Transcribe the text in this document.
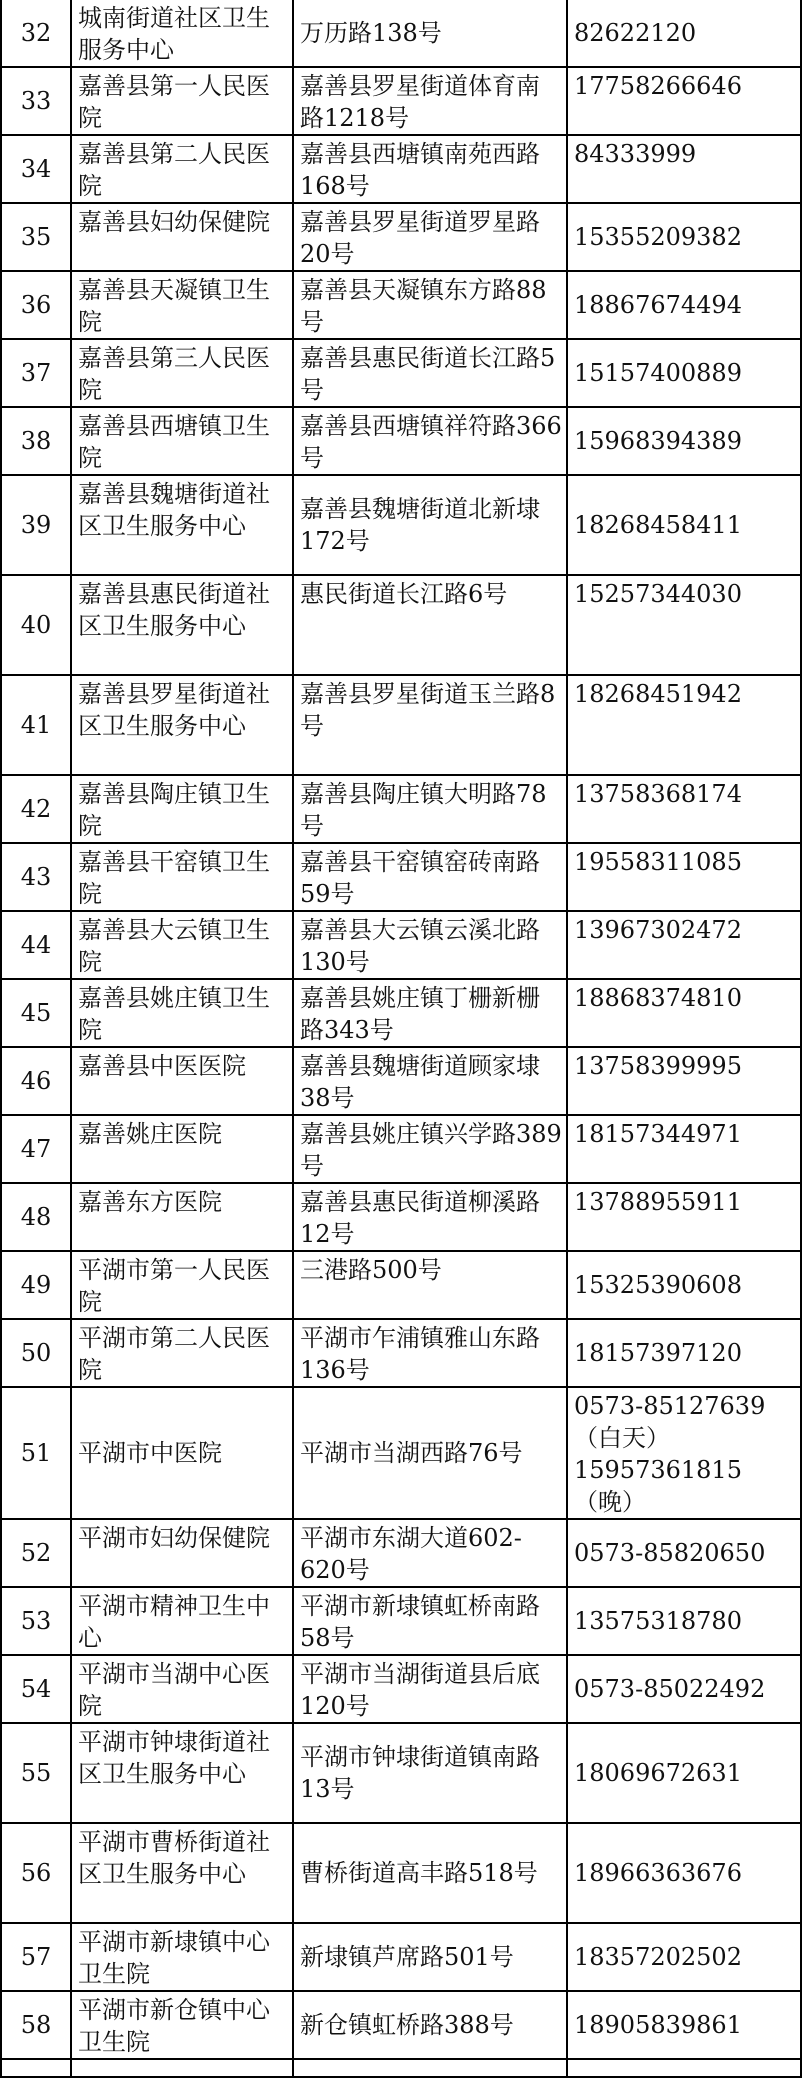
32	城南街道社区卫生服务中心	万历路138号	82622120
33	嘉善县第一人民医院	嘉善县罗星街道体育南路1218号	17758266646
34	嘉善县第二人民医院	嘉善县西塘镇南苑西路168号	84333999
35	嘉善县妇幼保健院	嘉善县罗星街道罗星路20号	15355209382
36	嘉善县天凝镇卫生院	嘉善县天凝镇东方路88号	18867674494
37	嘉善县第三人民医院	嘉善县惠民街道长江路5号	15157400889
38	嘉善县西塘镇卫生院	嘉善县西塘镇祥符路366号	15968394389
39	嘉善县魏塘街道社区卫生服务中心	嘉善县魏塘街道北新埭172号	18268458411
40	嘉善县惠民街道社区卫生服务中心	惠民街道长江路6号	15257344030
41	嘉善县罗星街道社区卫生服务中心	嘉善县罗星街道玉兰路8号	18268451942
42	嘉善县陶庄镇卫生院	嘉善县陶庄镇大明路78号	13758368174
43	嘉善县干窑镇卫生院	嘉善县干窑镇窑砖南路59号	19558311085
44	嘉善县大云镇卫生院	嘉善县大云镇云溪北路130号	13967302472
45	嘉善县姚庄镇卫生院	嘉善县姚庄镇丁栅新栅路343号	18868374810
46	嘉善县中医医院	嘉善县魏塘街道顾家埭38号	13758399995
47	嘉善姚庄医院	嘉善县姚庄镇兴学路389号	18157344971
48	嘉善东方医院	嘉善县惠民街道柳溪路12号	13788955911
49	平湖市第一人民医院	三港路500号	15325390608
50	平湖市第二人民医院	平湖市乍浦镇雅山东路136号	18157397120
51	平湖市中医院	平湖市当湖西路76号	0573-85127639
（白天）
15957361815
（晚）
52	平湖市妇幼保健院	平湖市东湖大道602-620号	0573-85820650
53	平湖市精神卫生中心	平湖市新埭镇虹桥南路58号	13575318780
54	平湖市当湖中心医院	平湖市当湖街道县后底120号	0573-85022492
55	平湖市钟埭街道社区卫生服务中心	平湖市钟埭街道镇南路13号	18069672631
56	平湖市曹桥街道社区卫生服务中心	曹桥街道高丰路518号	18966363676
57	平湖市新埭镇中心卫生院	新埭镇芦席路501号	18357202502
58	平湖市新仓镇中心卫生院	新仓镇虹桥路388号	18905839861
